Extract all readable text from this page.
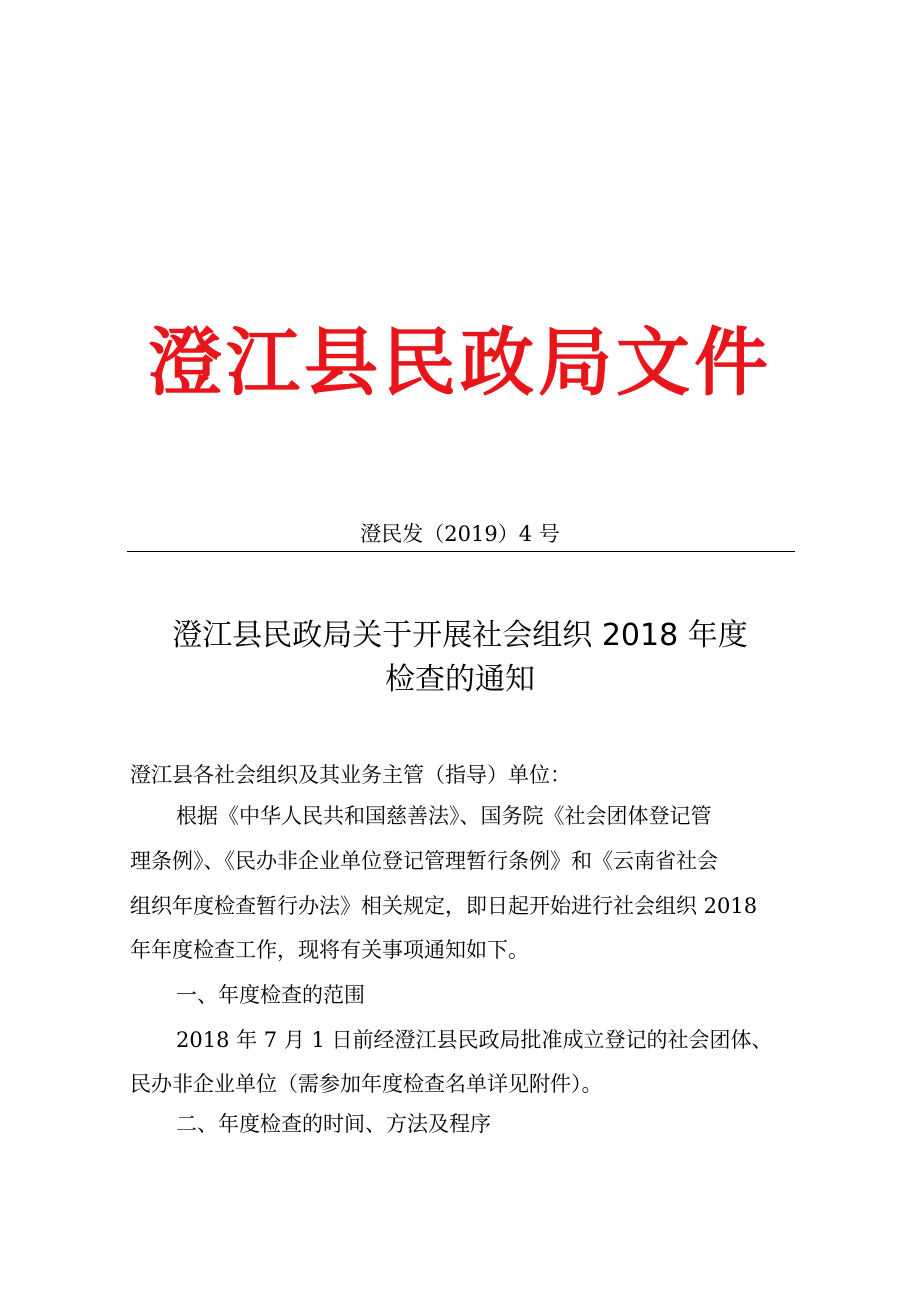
澄江县民政局文件
澄民发（2019）4 号
澄江县民政局关于开展社会组织 2018 年度
检查的通知
澄江县各社会组织及其业务主管（指导）单位：
根据《中华人民共和国慈善法》、国务院《社会团体登记管
理条例》、《民办非企业单位登记管理暂行条例》和《云南省社会
组织年度检查暂行办法》相关规定，即日起开始进行社会组织 2018
年年度检查工作，现将有关事项通知如下。
一、年度检查的范围
2018 年 7 月 1 日前经澄江县民政局批准成立登记的社会团体、
民办非企业单位（需参加年度检查名单详见附件）。
二、年度检查的时间、方法及程序
